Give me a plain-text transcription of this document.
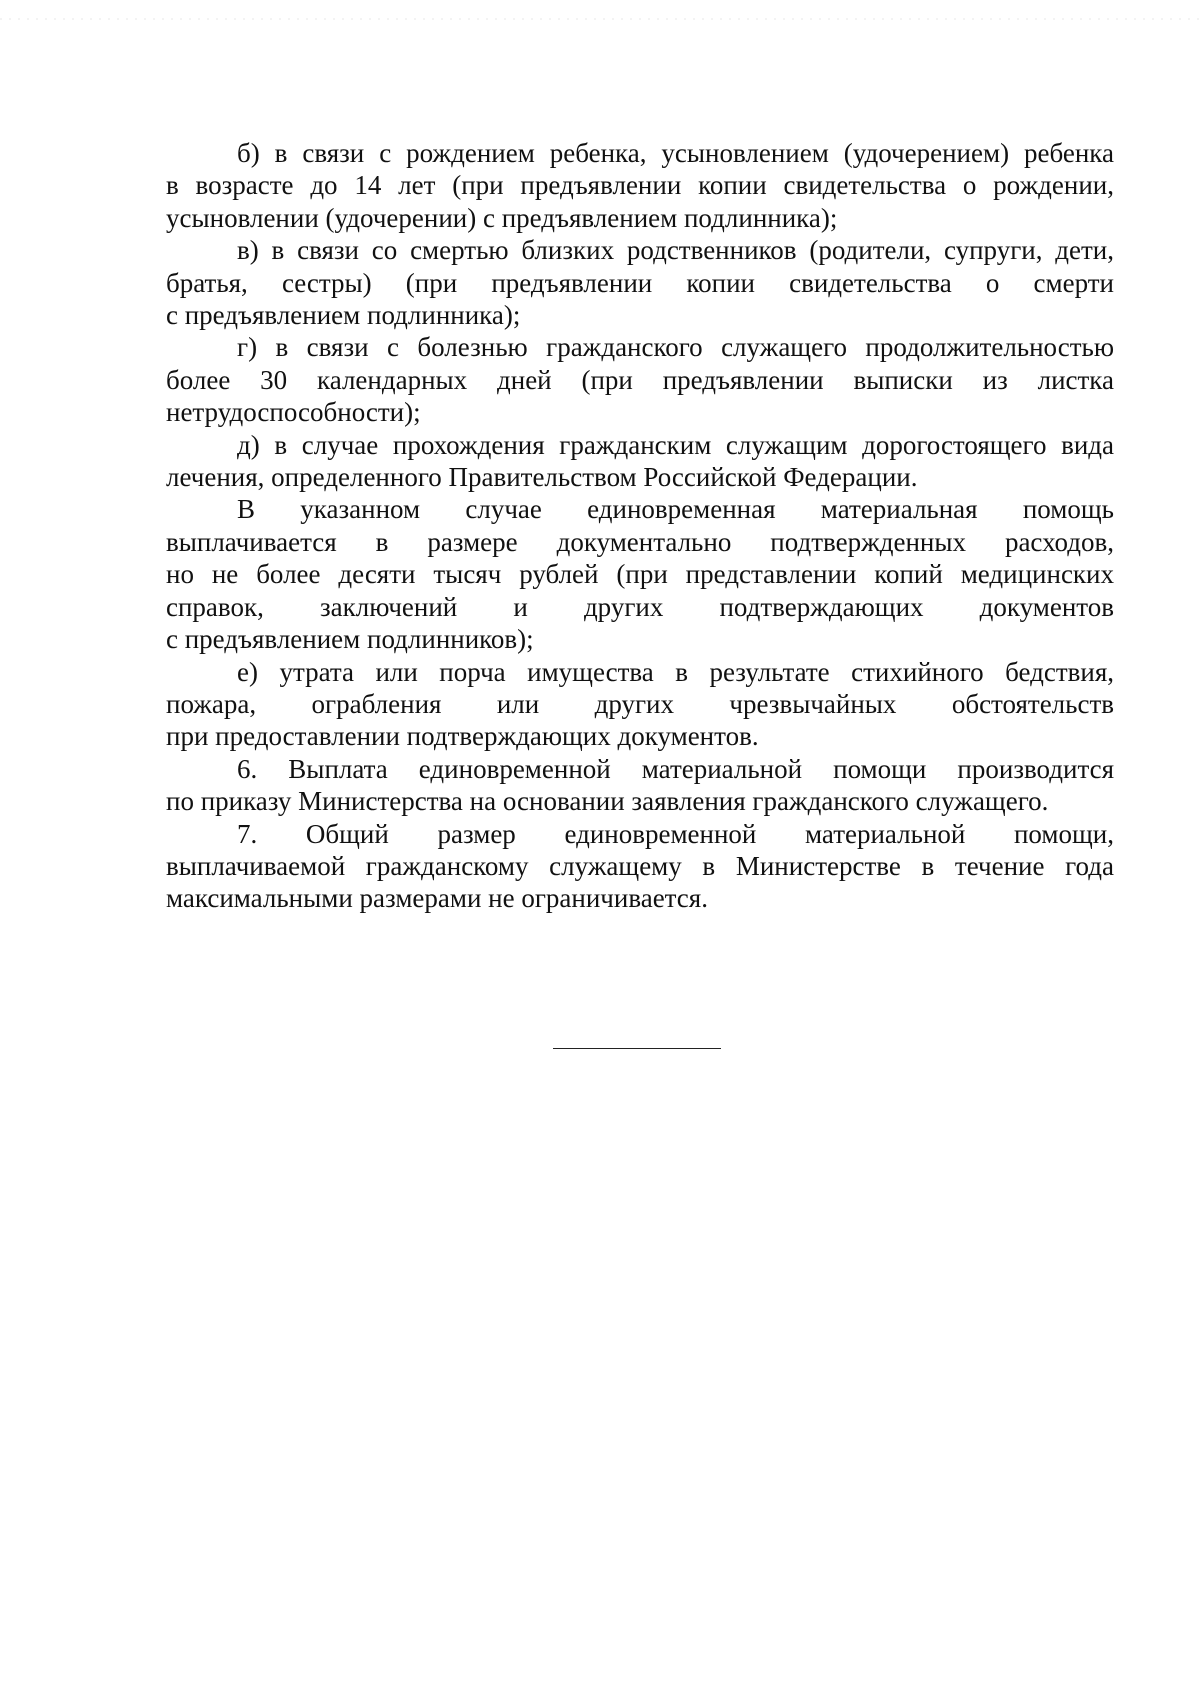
б) в связи с рождением ребенка, усыновлением (удочерением) ребенка
в возрасте до 14 лет (при предъявлении копии свидетельства о рождении,
усыновлении (удочерении) с предъявлением подлинника);
в) в связи со смертью близких родственников (родители, супруги, дети,
братья, сестры) (при предъявлении копии свидетельства о смерти
с предъявлением подлинника);
г) в связи с болезнью гражданского служащего продолжительностью
более 30 календарных дней (при предъявлении выписки из листка
нетрудоспособности);
д) в случае прохождения гражданским служащим дорогостоящего вида
лечения, определенного Правительством Российской Федерации.
В указанном случае единовременная материальная помощь
выплачивается в размере документально подтвержденных расходов,
но не более десяти тысяч рублей (при представлении копий медицинских
справок, заключений и других подтверждающих документов
с предъявлением подлинников);
е) утрата или порча имущества в результате стихийного бедствия,
пожара, ограбления или других чрезвычайных обстоятельств
при предоставлении подтверждающих документов.
6. Выплата единовременной материальной помощи производится
по приказу Министерства на основании заявления гражданского служащего.
7. Общий размер единовременной материальной помощи,
выплачиваемой гражданскому служащему в Министерстве в течение года
максимальными размерами не ограничивается.
